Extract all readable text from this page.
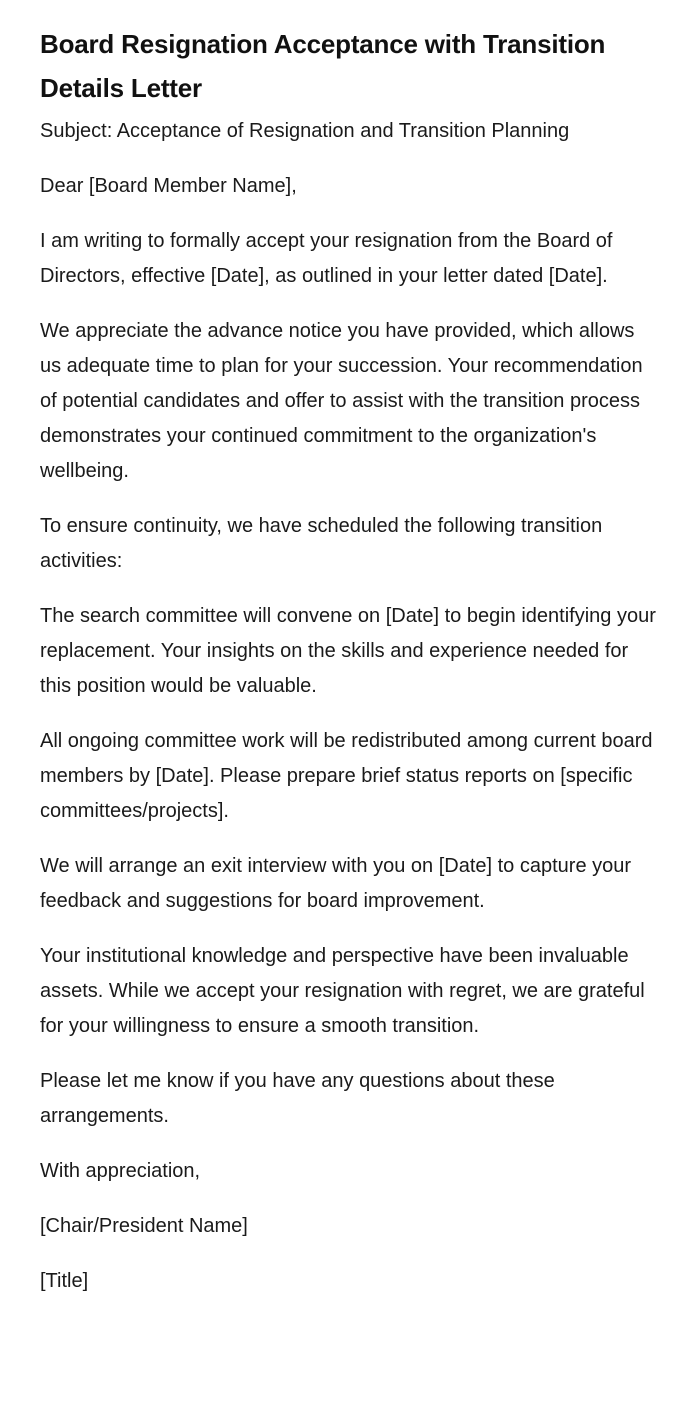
Board Resignation Acceptance with Transition Details Letter

Subject: Acceptance of Resignation and Transition Planning

Dear [Board Member Name],

I am writing to formally accept your resignation from the Board of Directors, effective [Date], as outlined in your letter dated [Date].

We appreciate the advance notice you have provided, which allows us adequate time to plan for your succession. Your recommendation of potential candidates and offer to assist with the transition process demonstrates your continued commitment to the organization's wellbeing.

To ensure continuity, we have scheduled the following transition activities:

The search committee will convene on [Date] to begin identifying your replacement. Your insights on the skills and experience needed for this position would be valuable.

All ongoing committee work will be redistributed among current board members by [Date]. Please prepare brief status reports on [specific committees/projects].

We will arrange an exit interview with you on [Date] to capture your feedback and suggestions for board improvement.

Your institutional knowledge and perspective have been invaluable assets. While we accept your resignation with regret, we are grateful for your willingness to ensure a smooth transition.

Please let me know if you have any questions about these arrangements.

With appreciation,

[Chair/President Name]

[Title]
